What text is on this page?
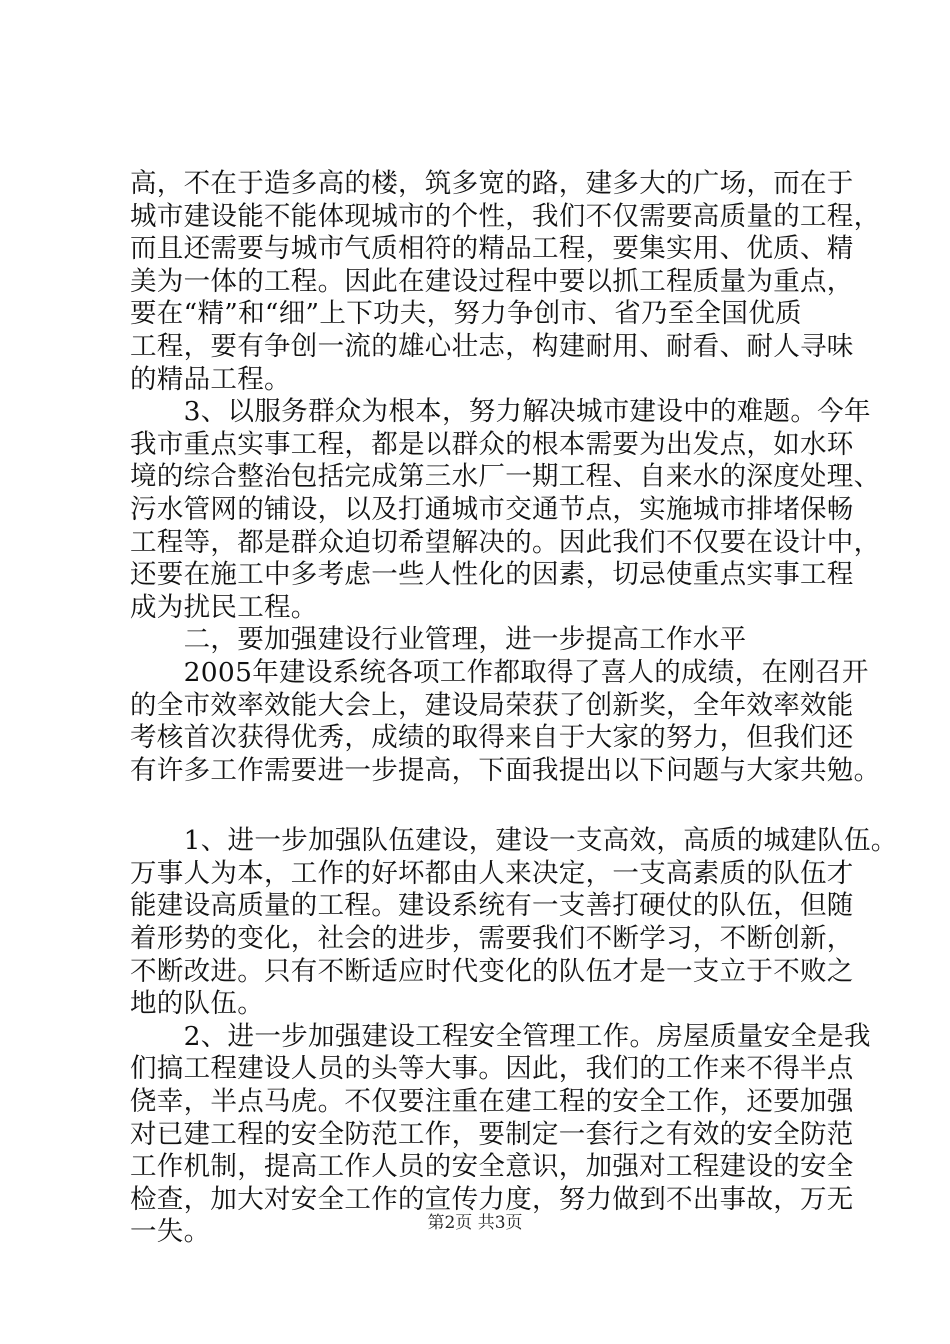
高，不在于造多高的楼，筑多宽的路，建多大的广场，而在于
城市建设能不能体现城市的个性，我们不仅需要高质量的工程，
而且还需要与城市气质相符的精品工程，要集实用、优质、精
美为一体的工程。因此在建设过程中要以抓工程质量为重点，
要在“精”和“细”上下功夫，努力争创市、省乃至全国优质
工程，要有争创一流的雄心壮志，构建耐用、耐看、耐人寻味
的精品工程。
　　3、以服务群众为根本，努力解决城市建设中的难题。今年
我市重点实事工程，都是以群众的根本需要为出发点，如水环
境的综合整治包括完成第三水厂一期工程、自来水的深度处理、
污水管网的铺设，以及打通城市交通节点，实施城市排堵保畅
工程等，都是群众迫切希望解决的。因此我们不仅要在设计中，
还要在施工中多考虑一些人性化的因素，切忌使重点实事工程
成为扰民工程。
　　二，要加强建设行业管理，进一步提高工作水平
　　2005年建设系统各项工作都取得了喜人的成绩，在刚召开
的全市效率效能大会上，建设局荣获了创新奖，全年效率效能
考核首次获得优秀，成绩的取得来自于大家的努力，但我们还
有许多工作需要进一步提高，下面我提出以下问题与大家共勉。
　　1、进一步加强队伍建设，建设一支高效，高质的城建队伍。
万事人为本，工作的好坏都由人来决定，一支高素质的队伍才
能建设高质量的工程。建设系统有一支善打硬仗的队伍，但随
着形势的变化，社会的进步，需要我们不断学习，不断创新，
不断改进。只有不断适应时代变化的队伍才是一支立于不败之
地的队伍。
　　2、进一步加强建设工程安全管理工作。房屋质量安全是我
们搞工程建设人员的头等大事。因此，我们的工作来不得半点
侥幸，半点马虎。不仅要注重在建工程的安全工作，还要加强
对已建工程的安全防范工作，要制定一套行之有效的安全防范
工作机制，提高工作人员的安全意识，加强对工程建设的安全
检查，加大对安全工作的宣传力度，努力做到不出事故，万无
一失。	第2页 共3页
